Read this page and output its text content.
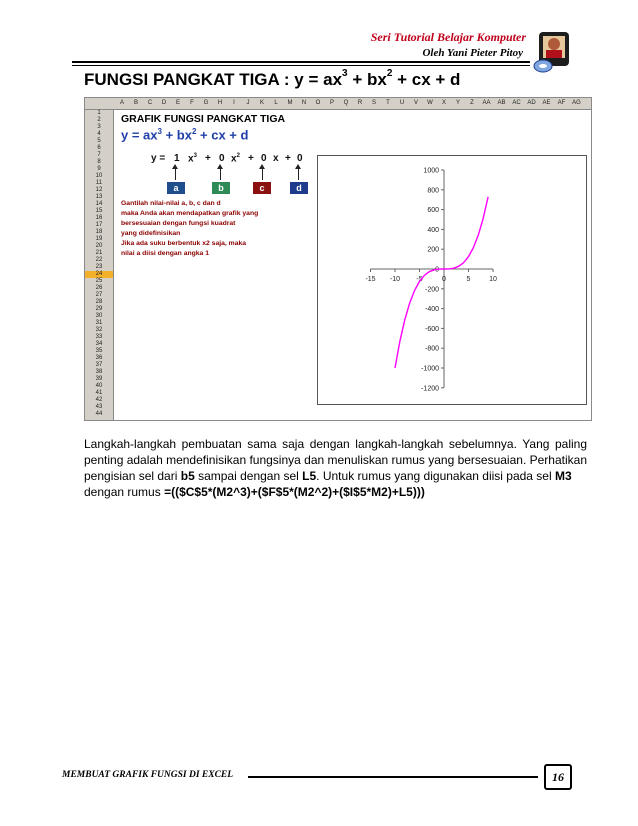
Seri Tutorial Belajar Komputer
Oleh Yani Pieter Pitoy
FUNGSI PANGKAT TIGA : $y = ax^3 + bx^2$ + cx + d
A	B	C	D	E	F	G	H	I	J	K	L	M	N	O	P	Q	R	S	T	U	V	W	X	Y	Z	AA	AB	AC	AD	AE	AF	AG
1
2
3
4
5
6
7
8
9
10
11
12
13
14
15
16
17
18
19
20
21
22
23
24
25
26
27
28
29
30
31
32
33
34
35
36
37
38
39
40
41
42
43
44
GRAFIK FUNGSI PANGKAT TIGA
$y = ax^3 + bx^2$ + cx + d
y = 1 $x^3 + 0$ $x^2 + 0$ x + 0
a	b	c	d
Gantilah nilai-nilai a, b, c dan d
maka Anda akan mendapatkan grafik yang
bersesuaian dengan fungsi kuadrat
yang didefinisikan
Jika ada suku berbentuk x2 saja, maka
nilai a diisi dengan angka 1
-15 -10 -5	0	5	10
1000
800
600
400
200
0
-200
-400
-600
-800
-1000
-1200

Langkah-langkah pembuatan sama saja dengan langkah-langkah sebelumnya. Yang paling penting adalah mendefinisikan fungsinya dan menuliskan rumus yang bersesuaian. Perhatikan pengisian sel dari b5 sampai dengan sel L5. Untuk rumus yang digunakan diisi pada sel M3

dengan rumus =(($C$5*(M2^3)+($F$5*(M2^2)+($I$5*M2)+L5)))

MEMBUAT GRAFIK FUNGSI DI EXCEL	16
